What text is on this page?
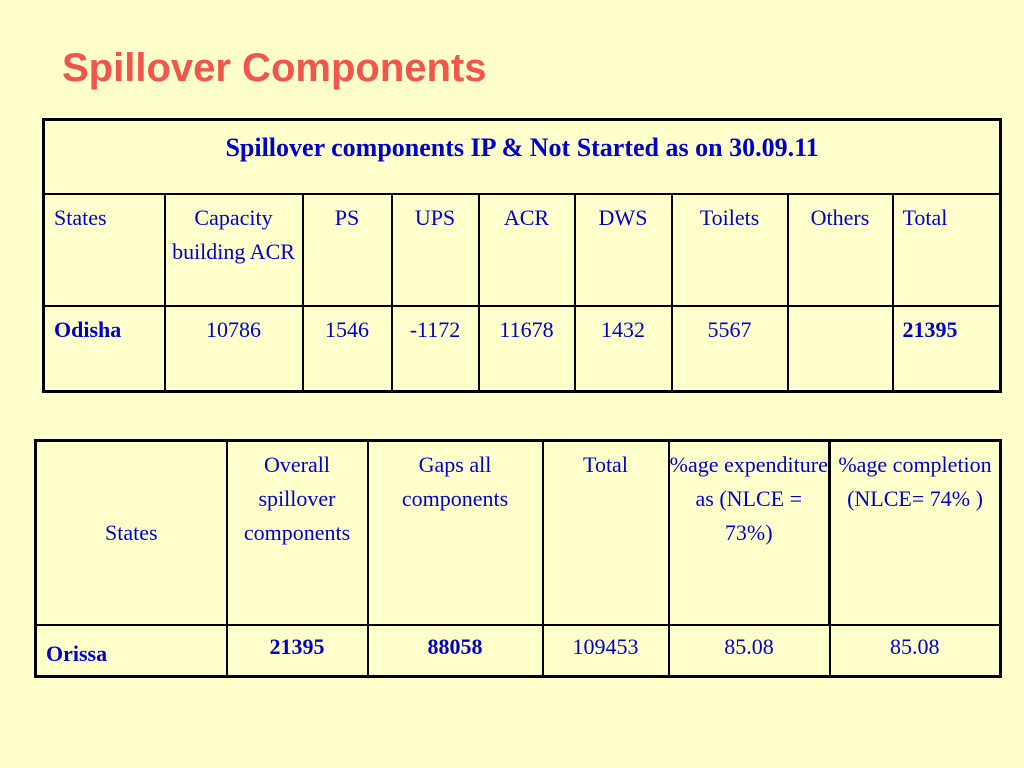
Spillover Components
Spillover components IP & Not Started as on 30.09.11								
States	Capacity building ACR	PS	UPS	ACR	DWS	Toilets	Others	Total
Odisha	10786	1546	-1172	11678	1432	5567		21395
States	Overall spillover components	Gaps all components	Total	%age expenditure as (NLCE = 73%)	%age completion (NLCE= 74% )
Orissa	21395	88058	109453	85.08	85.08
